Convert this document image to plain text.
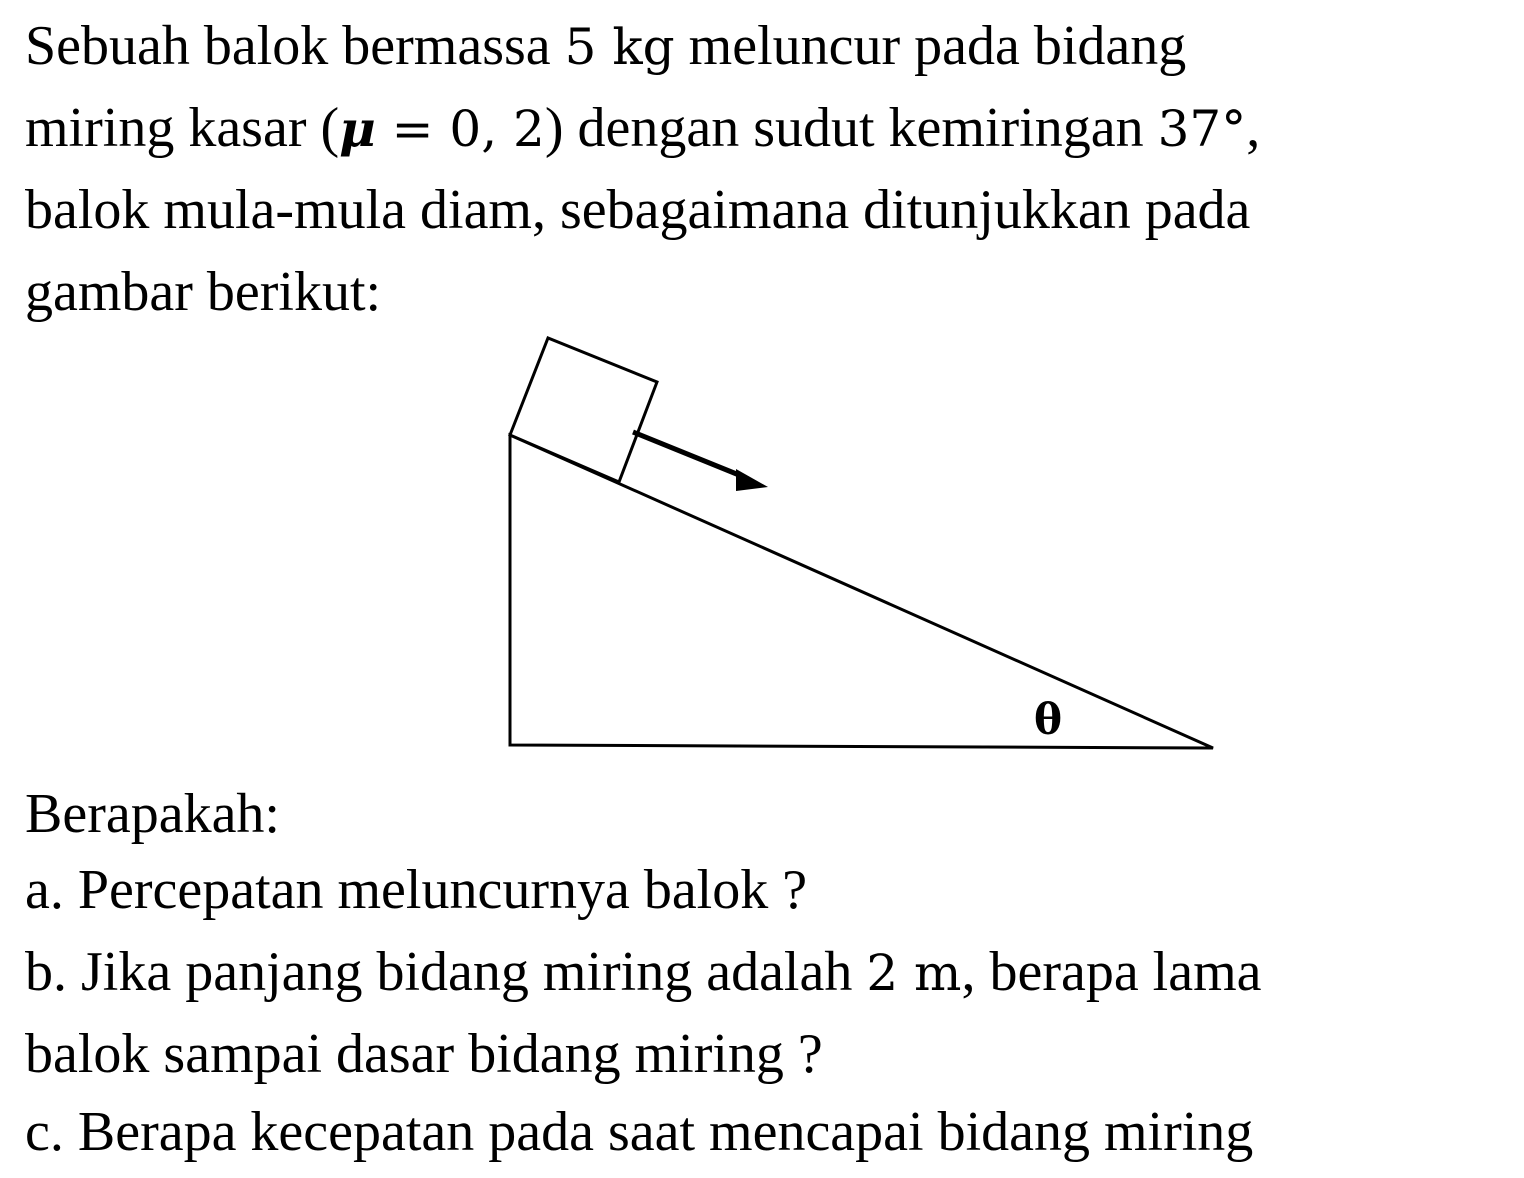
Sebuah balok bermassa 5 kg meluncur pada bidang
miring kasar (μ = 0, 2) dengan sudut kemiringan 37°,
balok mula-mula diam, sebagaimana ditunjukkan pada
gambar berikut:
θ
Berapakah:
a. Percepatan meluncurnya balok ?
b. Jika panjang bidang miring adalah 2 m, berapa lama
balok sampai dasar bidang miring ?
c. Berapa kecepatan pada saat mencapai bidang miring
